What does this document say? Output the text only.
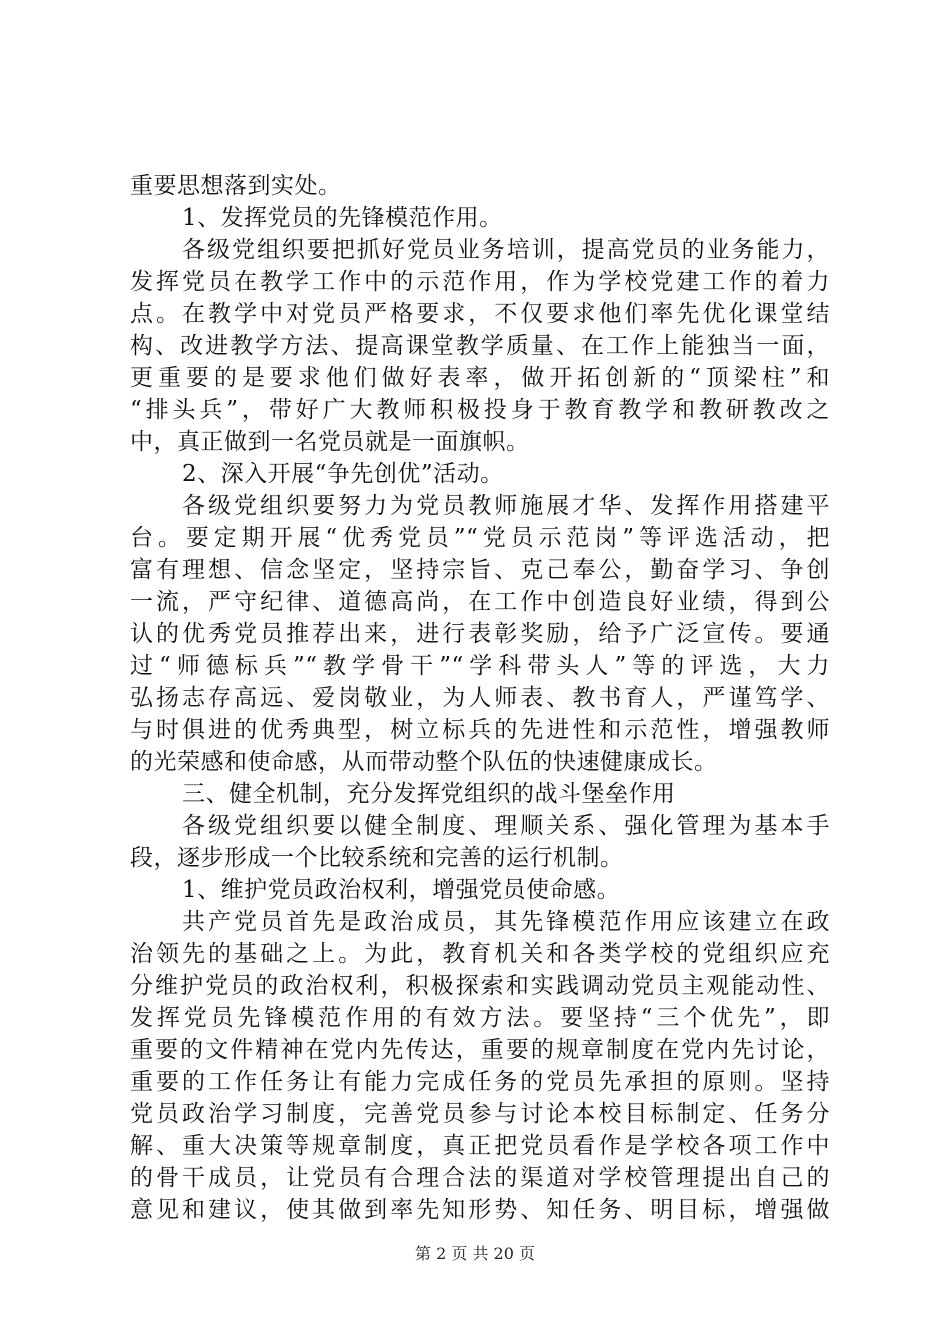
重要思想落到实处。
1、发挥党员的先锋模范作用。
各级党组织要把抓好党员业务培训，提高党员的业务能力，
发挥党员在教学工作中的示范作用，作为学校党建工作的着力
点。在教学中对党员严格要求，不仅要求他们率先优化课堂结
构、改进教学方法、提高课堂教学质量、在工作上能独当一面，
更重要的是要求他们做好表率，做开拓创新的“顶梁柱”和
“排头兵”，带好广大教师积极投身于教育教学和教研教改之
中，真正做到一名党员就是一面旗帜。
2、深入开展“争先创优”活动。
各级党组织要努力为党员教师施展才华、发挥作用搭建平
台。要定期开展“优秀党员”“党员示范岗”等评选活动，把
富有理想、信念坚定，坚持宗旨、克己奉公，勤奋学习、争创
一流，严守纪律、道德高尚，在工作中创造良好业绩，得到公
认的优秀党员推荐出来，进行表彰奖励，给予广泛宣传。要通
过“师德标兵”“教学骨干”“学科带头人”等的评选，大力
弘扬志存高远、爱岗敬业，为人师表、教书育人，严谨笃学、
与时俱进的优秀典型，树立标兵的先进性和示范性，增强教师
的光荣感和使命感，从而带动整个队伍的快速健康成长。
三、健全机制，充分发挥党组织的战斗堡垒作用
各级党组织要以健全制度、理顺关系、强化管理为基本手
段，逐步形成一个比较系统和完善的运行机制。
1、维护党员政治权利，增强党员使命感。
共产党员首先是政治成员，其先锋模范作用应该建立在政
治领先的基础之上。为此，教育机关和各类学校的党组织应充
分维护党员的政治权利，积极探索和实践调动党员主观能动性、
发挥党员先锋模范作用的有效方法。要坚持“三个优先”，即
重要的文件精神在党内先传达，重要的规章制度在党内先讨论，
重要的工作任务让有能力完成任务的党员先承担的原则。坚持
党员政治学习制度，完善党员参与讨论本校目标制定、任务分
解、重大决策等规章制度，真正把党员看作是学校各项工作中
的骨干成员，让党员有合理合法的渠道对学校管理提出自己的
意见和建议，使其做到率先知形势、知任务、明目标，增强做
第 2 页 共 20 页
